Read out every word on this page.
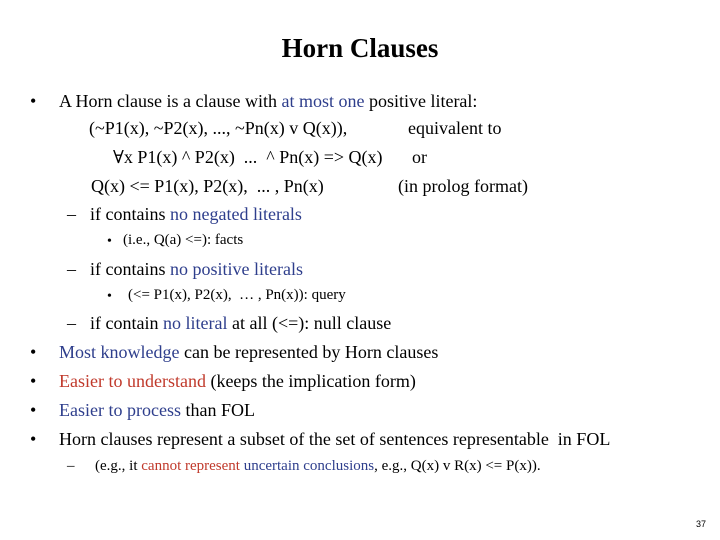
Horn Clauses
• A Horn clause is a clause with at most one positive literal:
(~P1(x), ~P2(x), ..., ~Pn(x) v Q(x)),	equivalent to
∀x P1(x) ^ P2(x)  ...  ^ Pn(x) => Q(x) or
Q(x) <= P1(x), P2(x),  ... , Pn(x)	(in prolog format)
– if contains no negated literals
• (i.e., Q(a) <=): facts
– if contains no positive literals
• (<= P1(x), P2(x),  … , Pn(x)): query
– if contain no literal at all (<=): null clause
• Most knowledge can be represented by Horn clauses
• Easier to understand (keeps the implication form)
• Easier to process than FOL
• Horn clauses represent a subset of the set of sentences representable  in FOL
– (e.g., it cannot represent uncertain conclusions, e.g., Q(x) v R(x) <= P(x)).
37
